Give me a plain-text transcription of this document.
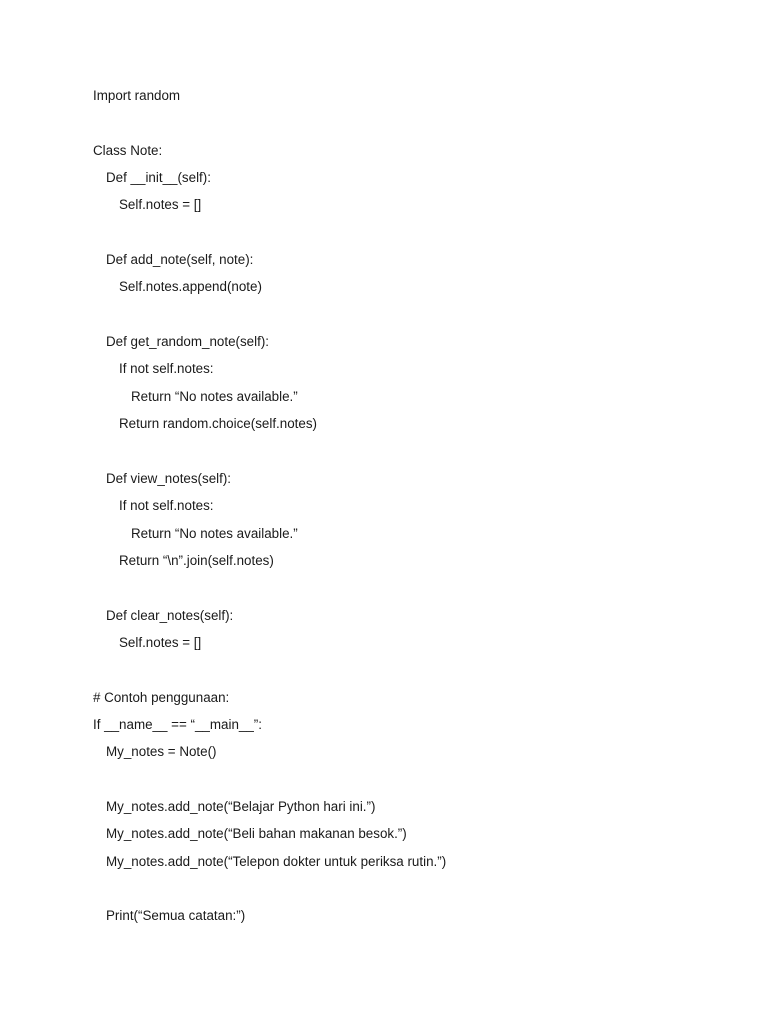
Import random
Class Note:
Def __init__(self):
Self.notes = []
Def add_note(self, note):
Self.notes.append(note)
Def get_random_note(self):
If not self.notes:
Return “No notes available.”
Return random.choice(self.notes)
Def view_notes(self):
If not self.notes:
Return “No notes available.”
Return “\n”.join(self.notes)
Def clear_notes(self):
Self.notes = []
# Contoh penggunaan:
If __name__ == “__main__”:
My_notes = Note()
My_notes.add_note(“Belajar Python hari ini.”)
My_notes.add_note(“Beli bahan makanan besok.”)
My_notes.add_note(“Telepon dokter untuk periksa rutin.”)
Print(“Semua catatan:”)
